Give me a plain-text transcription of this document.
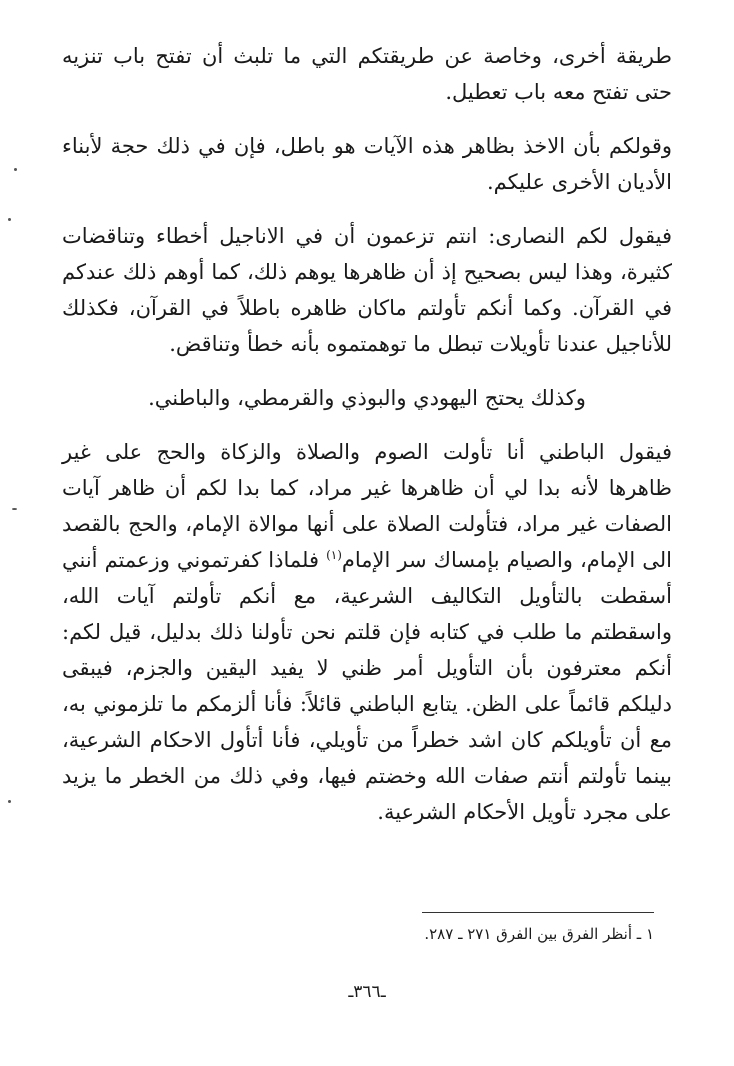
طريقة أخرى، وخاصة عن طريقتكم التي ما تلبث أن تفتح باب تنزيه حتى تفتح معه باب تعطيل.

وقولكم بأن الاخذ بظاهر هذه الآيات هو باطل، فإن في ذلك حجة لأبناء الأديان الأخرى عليكم.

فيقول لكم النصارى: انتم تزعمون أن في الاناجيل أخطاء وتناقضات كثيرة، وهذا ليس بصحيح إذ أن ظاهرها يوهم ذلك، كما أوهم ذلك عندكم في القرآن. وكما أنكم تأولتم ماكان ظاهره باطلاً في القرآن، فكذلك للأناجيل عندنا تأويلات تبطل ما توهمتموه بأنه خطأ وتناقض.

وكذلك يحتج اليهودي والبوذي والقرمطي، والباطني.

فيقول الباطني أنا تأولت الصوم والصلاة والزكاة والحج على غير ظاهرها لأنه بدا لي أن ظاهرها غير مراد، كما بدا لكم أن ظاهر آيات الصفات غير مراد، فتأولت الصلاة على أنها موالاة الإمام، والحج بالقصد الى الإمام، والصيام بإمساك سر الإمام$^{(١)}$ فلماذا كفرتموني وزعمتم أنني أسقطت بالتأويل التكاليف الشرعية، مع أنكم تأولتم آيات الله، واسقطتم ما طلب في كتابه فإن قلتم نحن تأولنا ذلك بدليل، قيل لكم: أنكم معترفون بأن التأويل أمر ظني لا يفيد اليقين والجزم، فيبقى دليلكم قائماً على الظن. يتابع الباطني قائلاً: فأنا ألزمكم ما تلزموني به، مع أن تأويلكم كان اشد خطراً من تأويلي، فأنا أتأول الاحكام الشرعية، بينما تأولتم أنتم صفات الله وخضتم فيها، وفي ذلك من الخطر ما يزيد على مجرد تأويل الأحكام الشرعية.

١ ـ أنظر الفرق بين الفرق ٢٧١ ـ ٢٨٧.
ـ٣٦٦ـ
